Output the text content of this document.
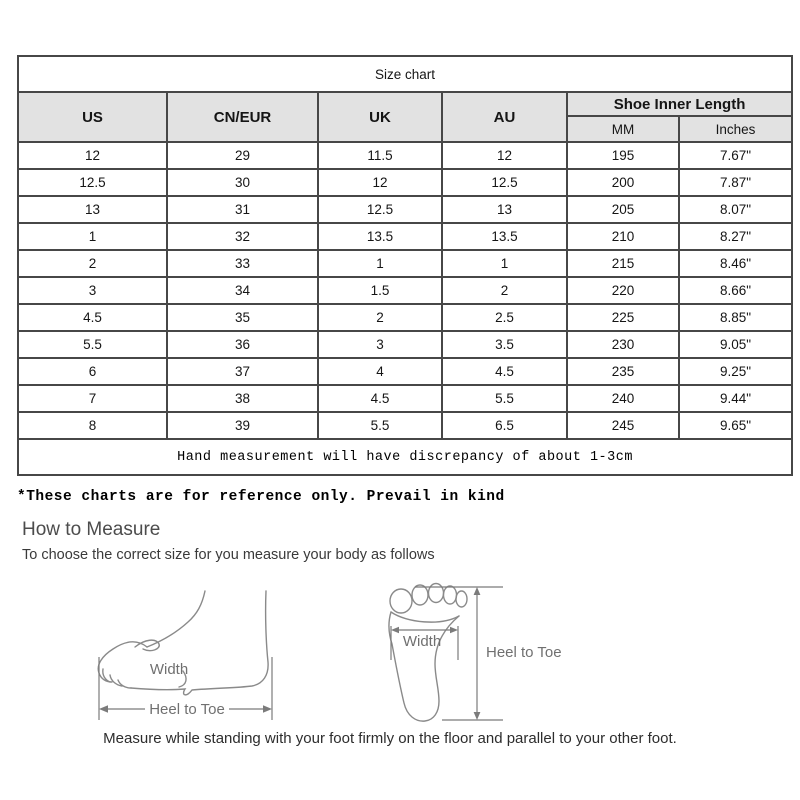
Size chart					
US	CN/EUR	UK	AU	Shoe Inner Length	
				MM	Inches
12	29	11.5	12	195	7.67"
12.5	30	12	12.5	200	7.87"
13	31	12.5	13	205	8.07"
1	32	13.5	13.5	210	8.27"
2	33	1	1	215	8.46"
3	34	1.5	2	220	8.66"
4.5	35	2	2.5	225	8.85"
5.5	36	3	3.5	230	9.05"
6	37	4	4.5	235	9.25"
7	38	4.5	5.5	240	9.44"
8	39	5.5	6.5	245	9.65"
Hand measurement will have discrepancy of about 1-3cm					
*These charts are for reference only. Prevail in kind
How to Measure
To choose the correct size for you measure your body as follows
Width
Heel to Toe
Width
Heel to Toe
Measure while standing with your foot firmly on the floor and parallel to your other foot.
